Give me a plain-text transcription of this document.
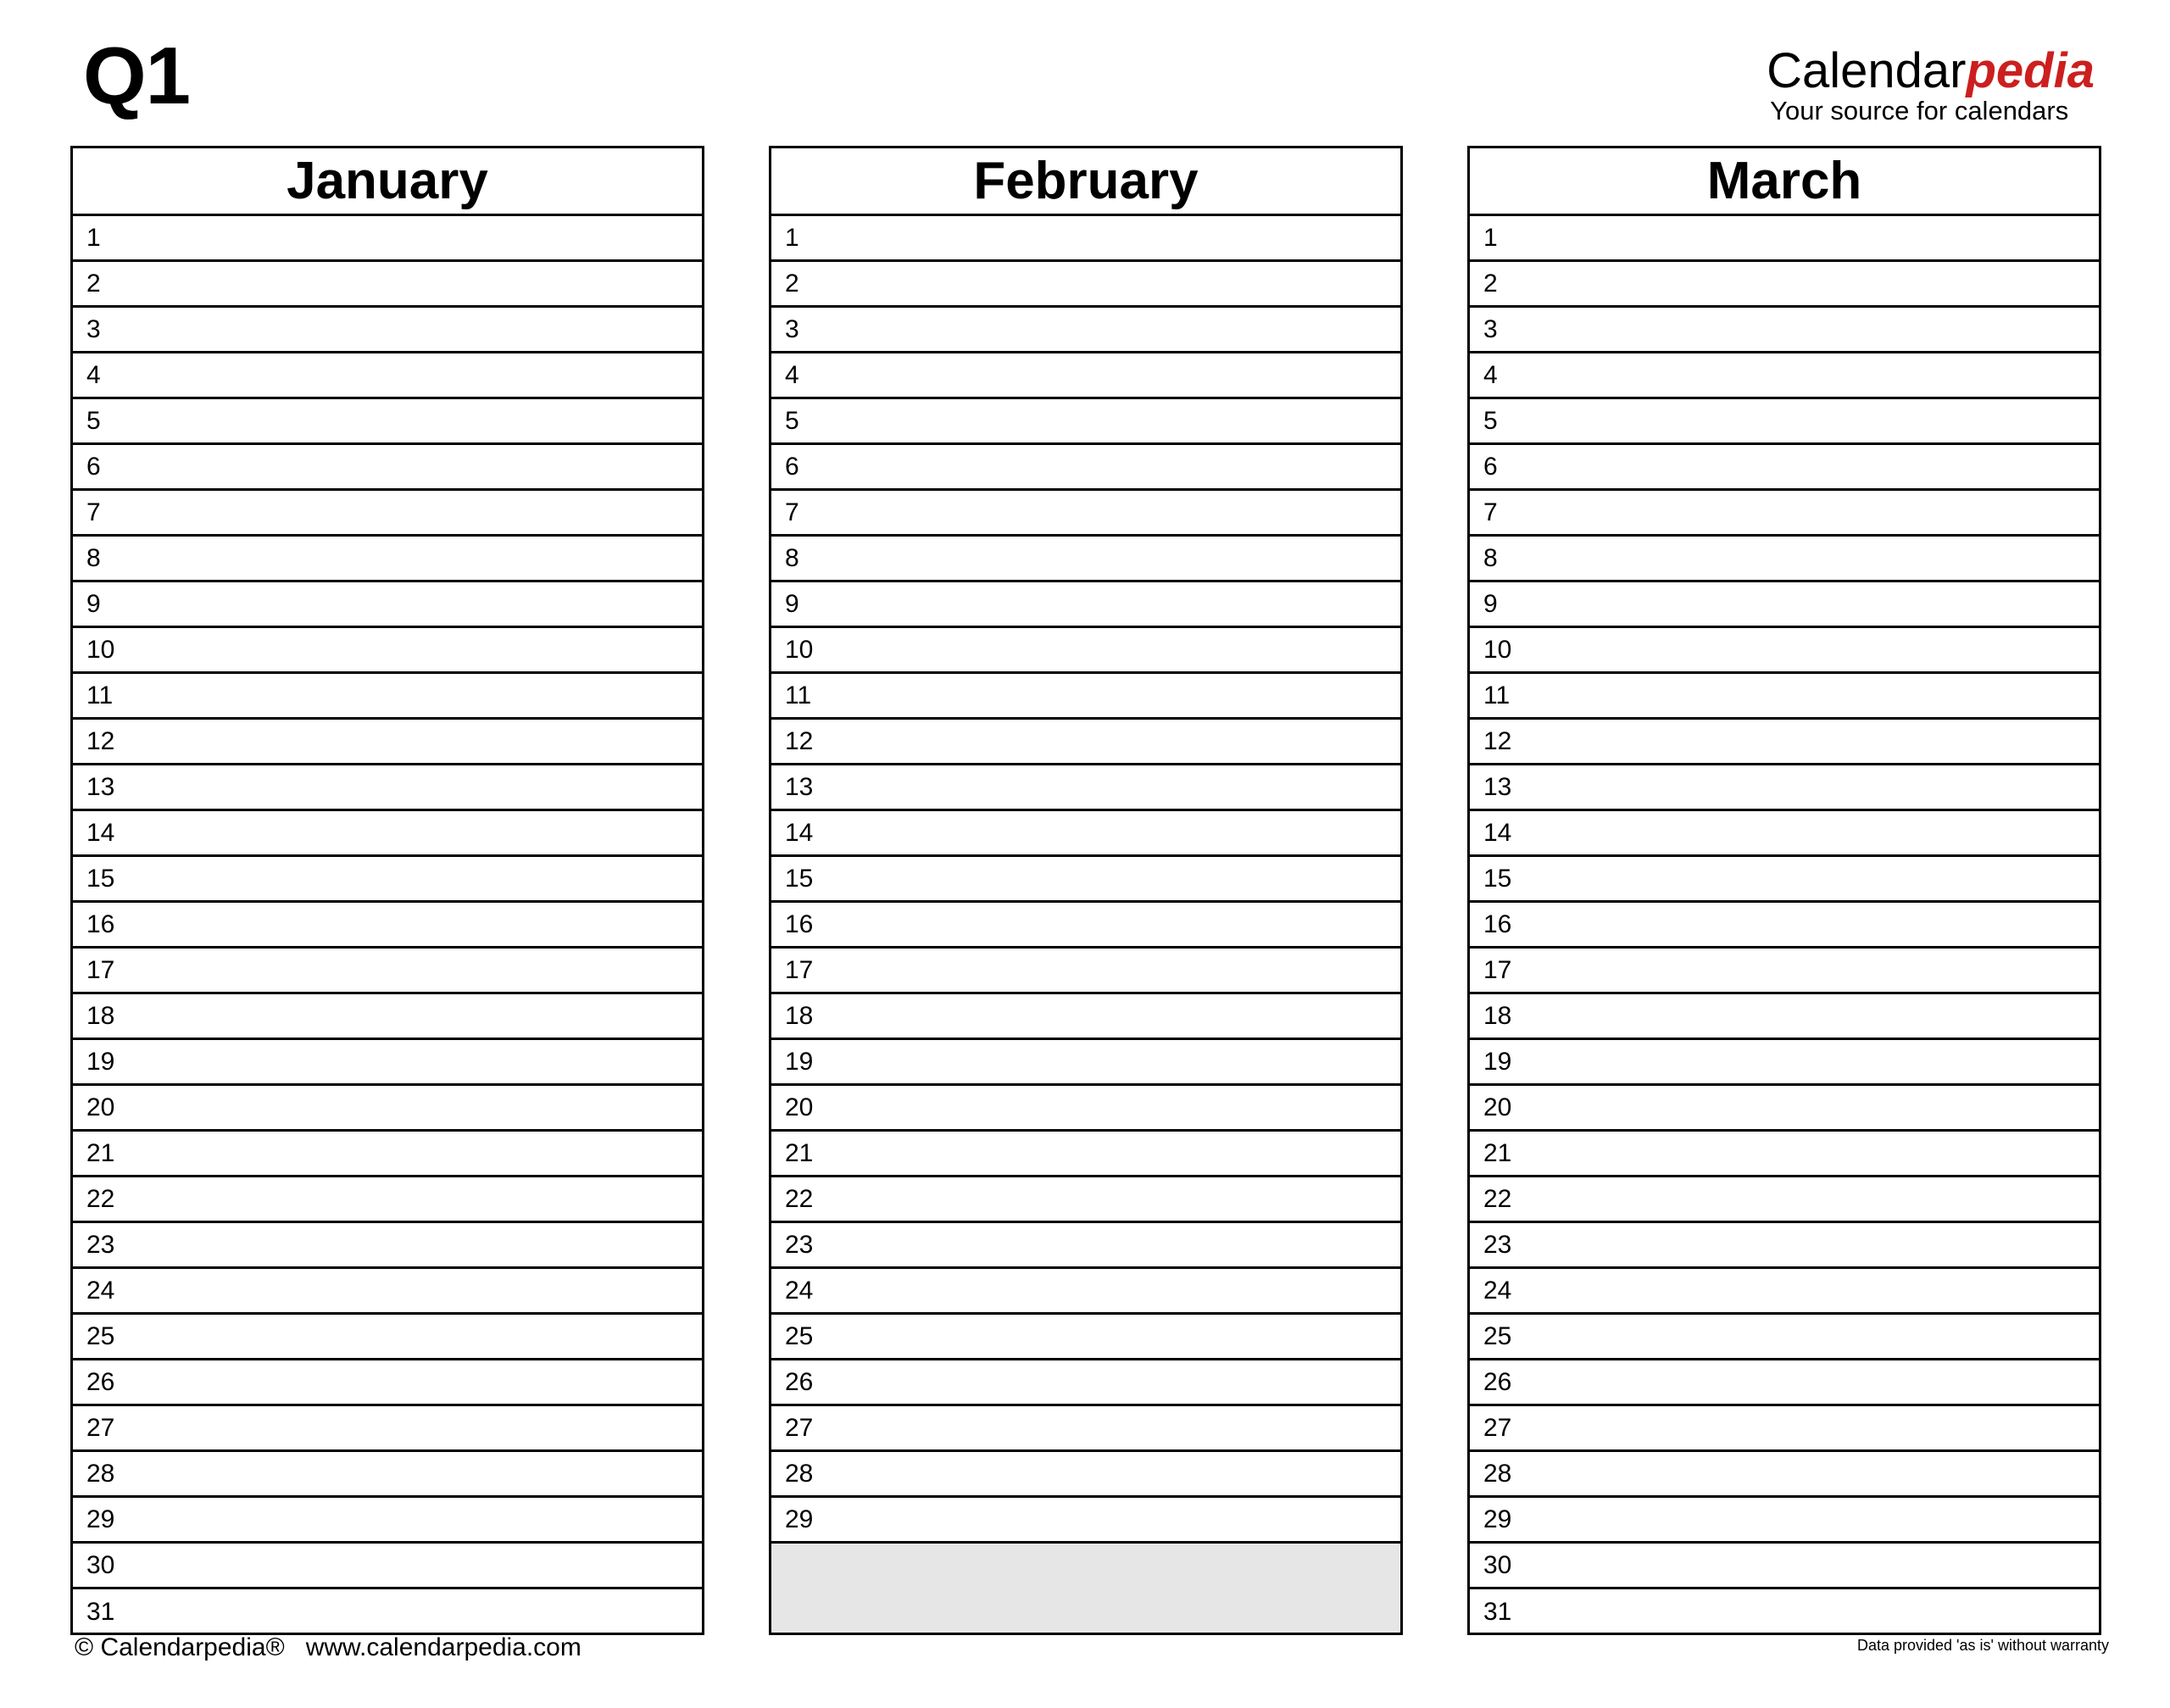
Q1	Calendarpedia
Your source for calendars
January
1
2
3
4
5
6
7
8
9
10
11
12
13
14
15
16
17
18
19
20
21
22
23
24
25
26
27
28
29
30
31
February
1
2
3
4
5
6
7
8
9
10
11
12
13
14
15
16
17
18
19
20
21
22
23
24
25
26
27
28
29
March
1
2
3
4
5
6
7
8
9
10
11
12
13
14
15
16
17
18
19
20
21
22
23
24
25
26
27
28
29
30
31
© Calendarpedia®   www.calendarpedia.com	Data provided 'as is' without warranty
